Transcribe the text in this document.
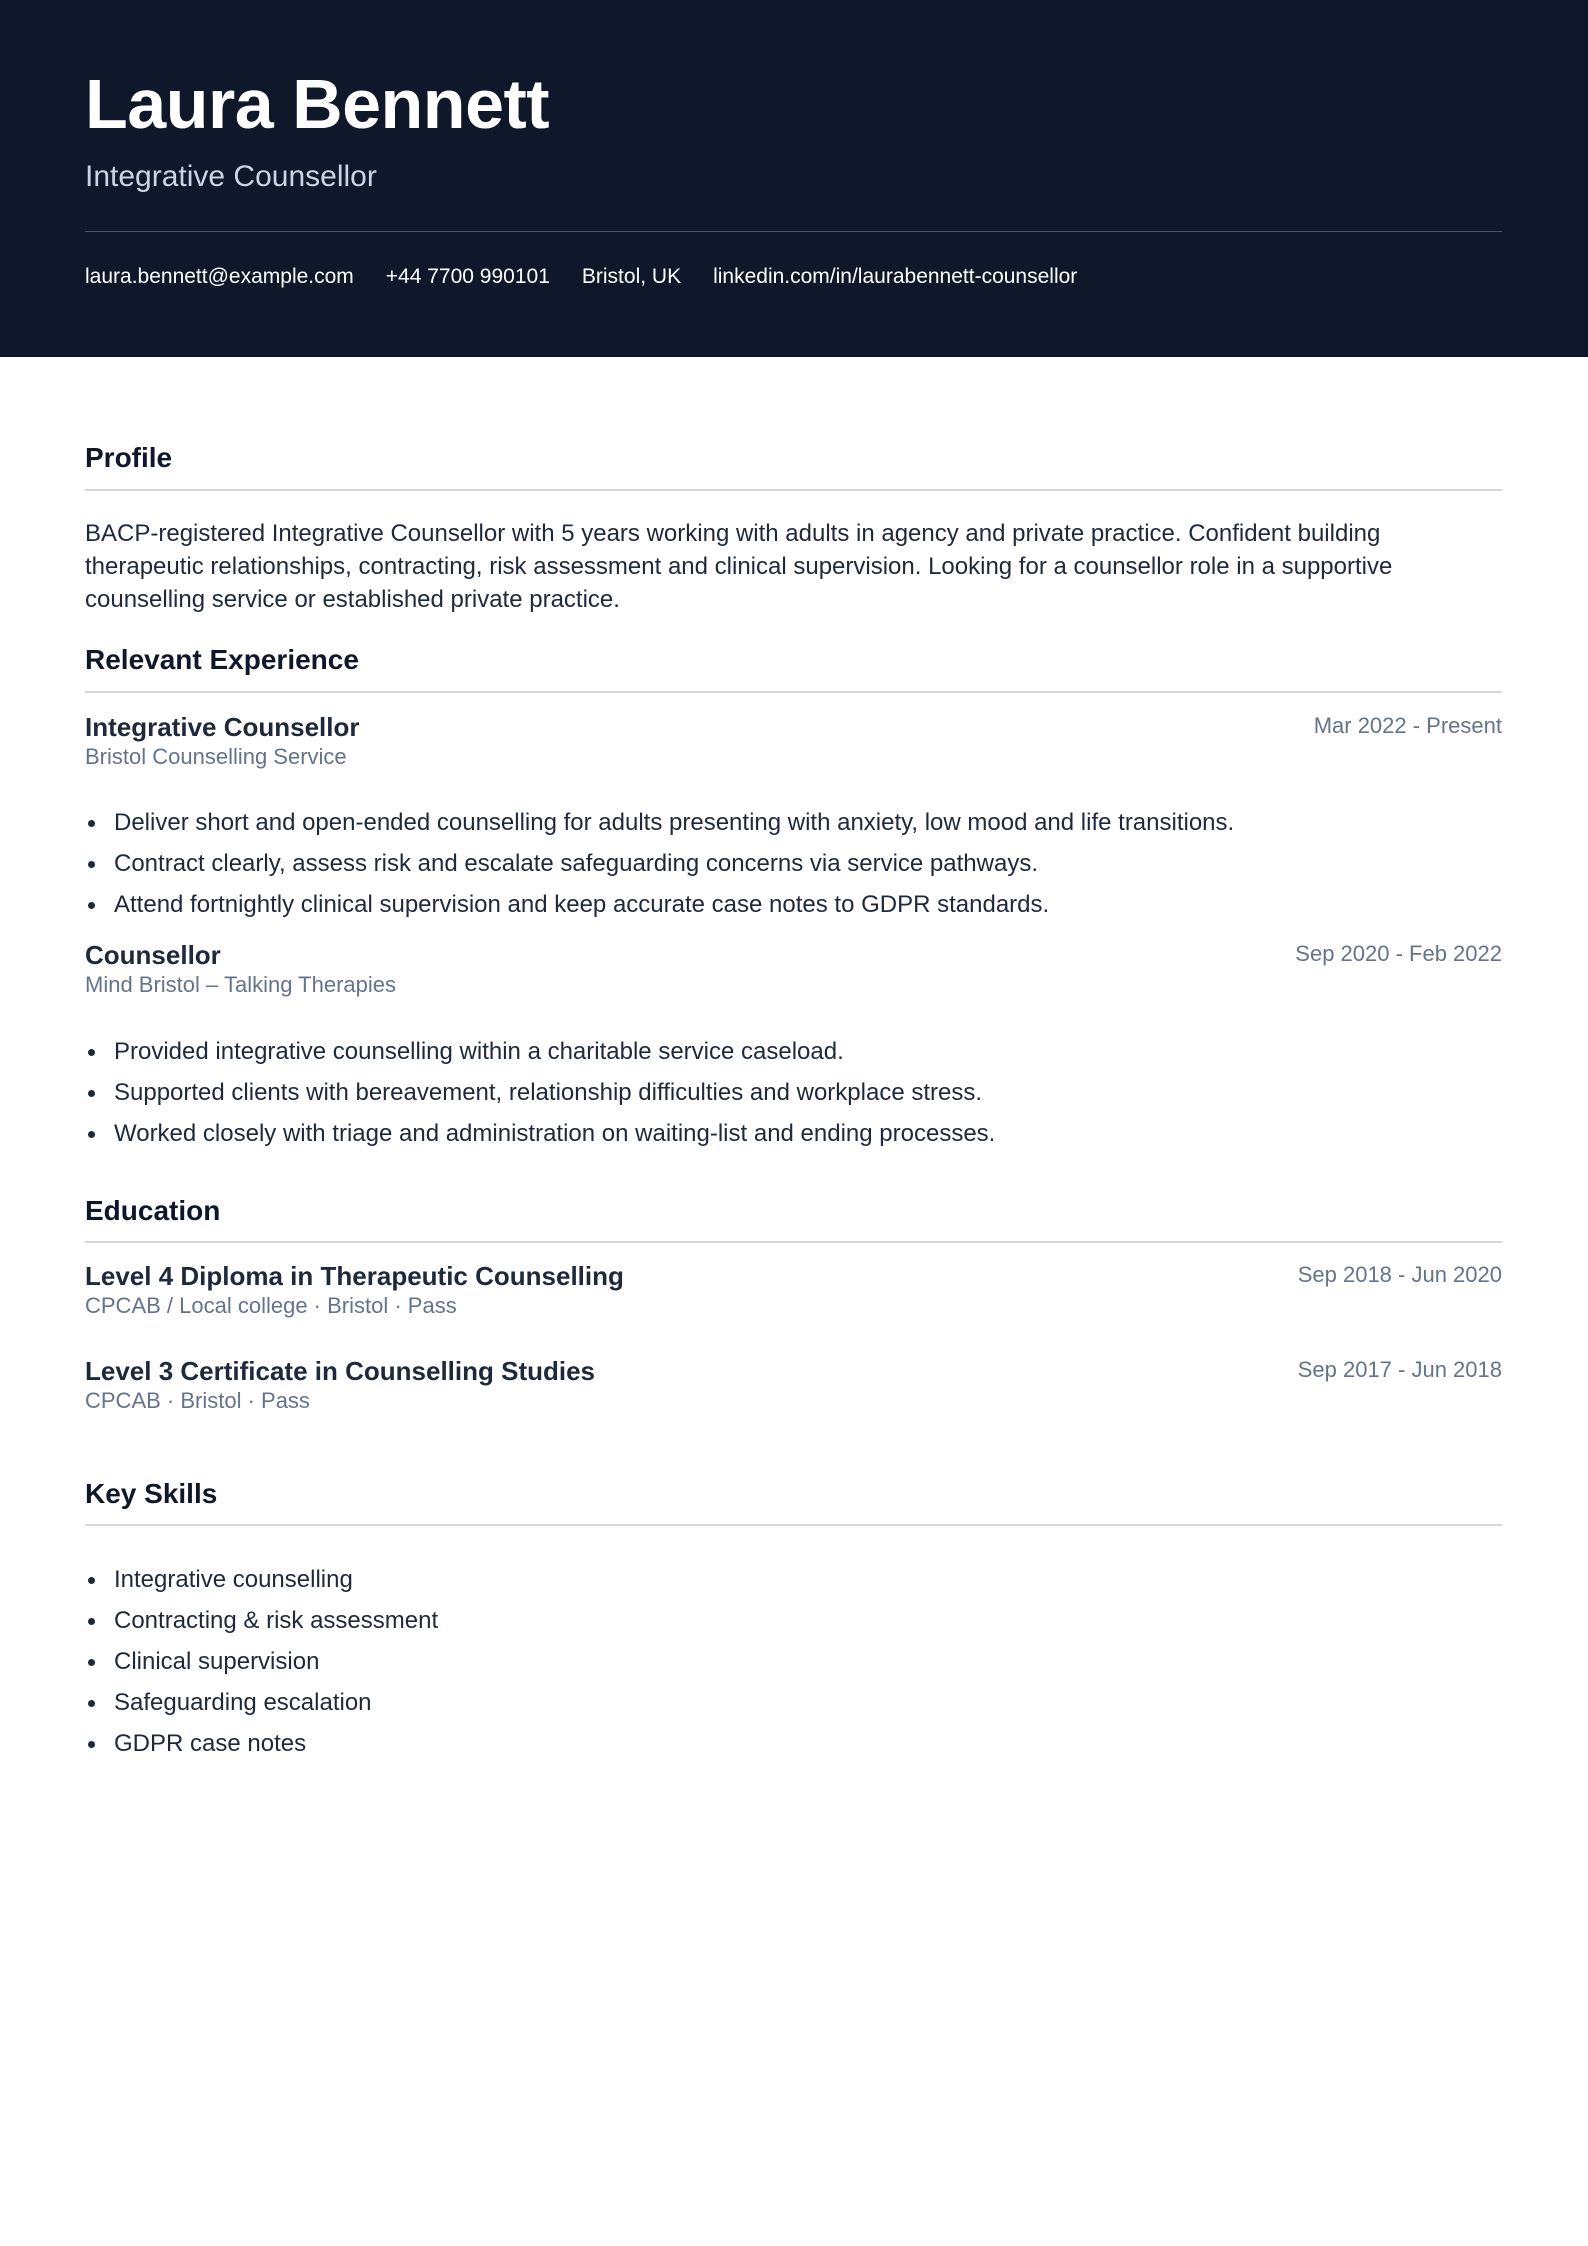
Laura Bennett
Integrative Counsellor
laura.bennett@example.com +44 7700 990101 Bristol, UK linkedin.com/in/laurabennett-counsellor
Profile
BACP-registered Integrative Counsellor with 5 years working with adults in agency and private practice. Confident building therapeutic relationships, contracting, risk assessment and clinical supervision. Looking for a counsellor role in a supportive counselling service or established private practice.
Relevant Experience
Integrative Counsellor	Mar 2022 - Present
Bristol Counselling Service
Deliver short and open-ended counselling for adults presenting with anxiety, low mood and life transitions.
Contract clearly, assess risk and escalate safeguarding concerns via service pathways.
Attend fortnightly clinical supervision and keep accurate case notes to GDPR standards.
Counsellor	Sep 2020 - Feb 2022
Mind Bristol – Talking Therapies
Provided integrative counselling within a charitable service caseload.
Supported clients with bereavement, relationship difficulties and workplace stress.
Worked closely with triage and administration on waiting-list and ending processes.
Education
Level 4 Diploma in Therapeutic Counselling	Sep 2018 - Jun 2020
CPCAB / Local college · Bristol · Pass
Level 3 Certificate in Counselling Studies	Sep 2017 - Jun 2018
CPCAB · Bristol · Pass
Key Skills
Integrative counselling
Contracting & risk assessment
Clinical supervision
Safeguarding escalation
GDPR case notes
